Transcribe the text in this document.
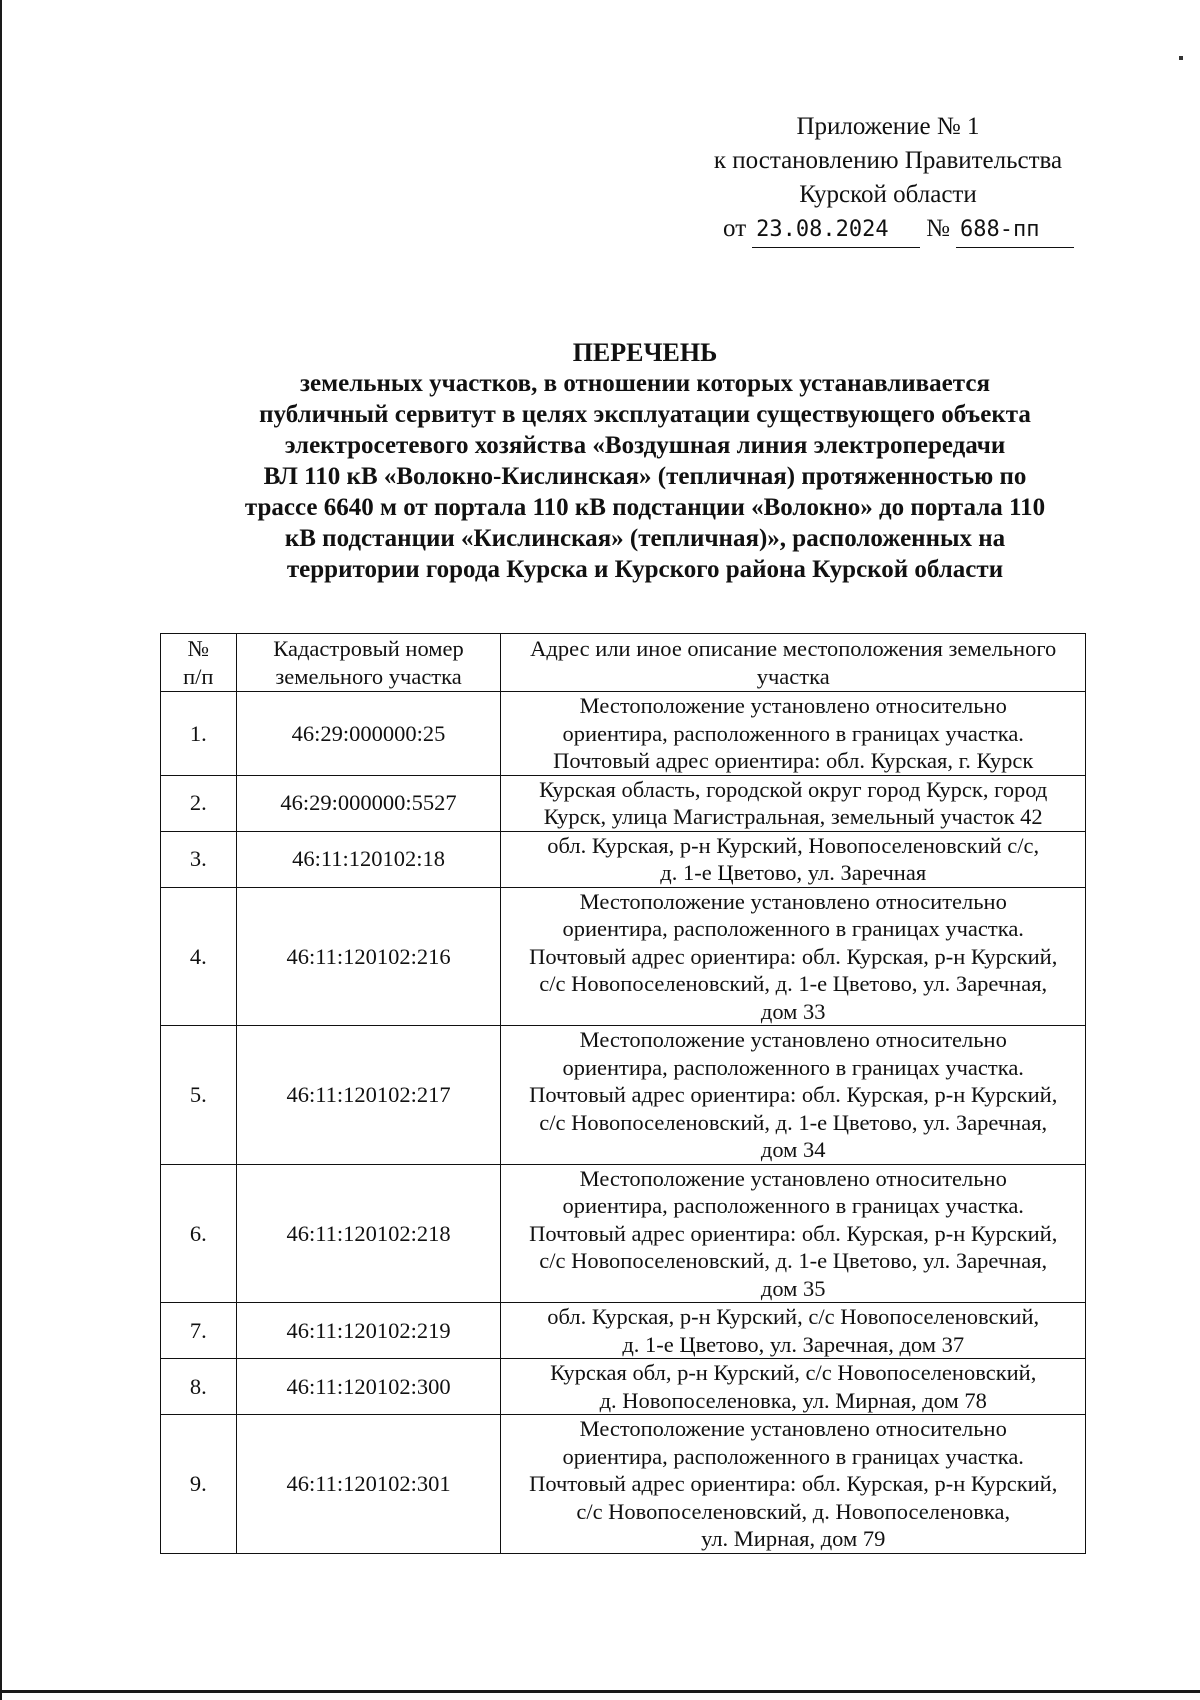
Приложение № 1
к постановлению Правительства
Курской области
от 23.08.2024	№ 688-пп
ПЕРЕЧЕНЬ
земельных участков, в отношении которых устанавливается
публичный сервитут в целях эксплуатации существующего объекта
электросетевого хозяйства «Воздушная линия электропередачи
ВЛ 110 кВ «Волокно-Кислинская» (тепличная) протяженностью по
трассе 6640 м от портала 110 кВ подстанции «Волокно» до портала 110
кВ подстанции «Кислинская» (тепличная)», расположенных на
территории города Курска и Курского района Курской области
№
п/п	Кадастровый номер
земельного участка	Адрес или иное описание местоположения земельного
участка

1.	46:29:000000:25	Местоположение установлено относительно
ориентира, расположенного в границах участка.
Почтовый адрес ориентира: обл. Курская, г. Курск

2.	46:29:000000:5527	Курская область, городской округ город Курск, город
Курск, улица Магистральная, земельный участок 42

3.	46:11:120102:18	обл. Курская, р-н Курский, Новопоселеновский с/с,
д. 1-е Цветово, ул. Заречная

4.	46:11:120102:216	Местоположение установлено относительно
ориентира, расположенного в границах участка.
Почтовый адрес ориентира: обл. Курская, р-н Курский,
с/с Новопоселеновский, д. 1-е Цветово, ул. Заречная,
дом 33

5.	46:11:120102:217	Местоположение установлено относительно
ориентира, расположенного в границах участка.
Почтовый адрес ориентира: обл. Курская, р-н Курский,
с/с Новопоселеновский, д. 1-е Цветово, ул. Заречная,
дом 34

6.	46:11:120102:218	Местоположение установлено относительно
ориентира, расположенного в границах участка.
Почтовый адрес ориентира: обл. Курская, р-н Курский,
с/с Новопоселеновский, д. 1-е Цветово, ул. Заречная,
дом 35

7.	46:11:120102:219	обл. Курская, р-н Курский, с/с Новопоселеновский,
д. 1-е Цветово, ул. Заречная, дом 37

8.	46:11:120102:300	Курская обл, р-н Курский, с/с Новопоселеновский,
д. Новопоселеновка, ул. Мирная, дом 78

9.	46:11:120102:301	Местоположение установлено относительно
ориентира, расположенного в границах участка.
Почтовый адрес ориентира: обл. Курская, р-н Курский,
с/с Новопоселеновский, д. Новопоселеновка,
ул. Мирная, дом 79
